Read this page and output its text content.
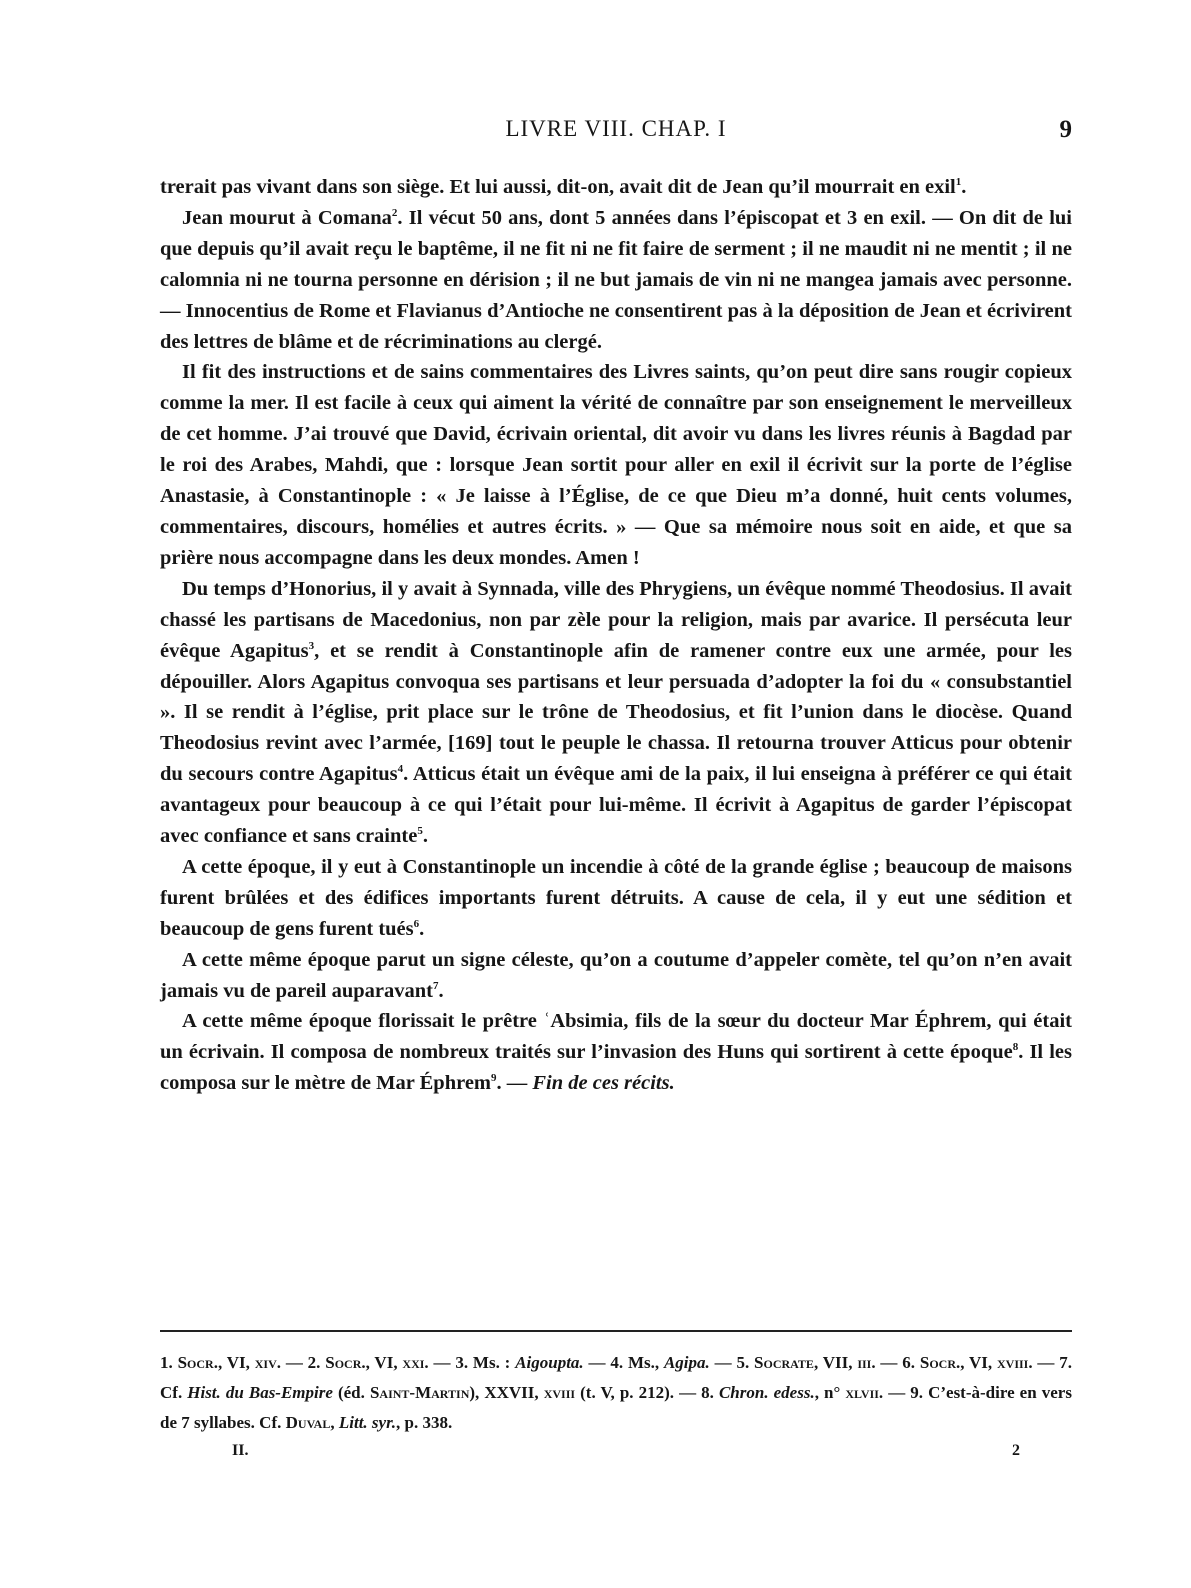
LIVRE VIII. CHAP. I	9

trerait pas vivant dans son siège. Et lui aussi, dit-on, avait dit de Jean qu’il mourrait en exil$^1$.

Jean mourut à Comana$^2$. Il vécut 50 ans, dont 5 années dans l’épiscopat et 3 en exil. — On dit de lui que depuis qu’il avait reçu le baptême, il ne fit ni ne fit faire de serment ; il ne maudit ni ne mentit ; il ne calomnia ni ne tourna personne en dérision ; il ne but jamais de vin ni ne mangea jamais avec personne. — Innocentius de Rome et Flavianus d’Antioche ne consentirent pas à la déposition de Jean et écrivirent des lettres de blâme et de récriminations au clergé.

Il fit des instructions et de sains commentaires des Livres saints, qu’on peut dire sans rougir copieux comme la mer. Il est facile à ceux qui aiment la vérité de connaître par son enseignement le merveilleux de cet homme. J’ai trouvé que David, écrivain oriental, dit avoir vu dans les livres réunis à Bagdad par le roi des Arabes, Mahdi, que : lorsque Jean sortit pour aller en exil il écrivit sur la porte de l’église Anastasie, à Constantinople : « Je laisse à l’Église, de ce que Dieu m’a donné, huit cents volumes, commentaires, discours, homélies et autres écrits. » — Que sa mémoire nous soit en aide, et que sa prière nous accompagne dans les deux mondes. Amen !

Du temps d’Honorius, il y avait à Synnada, ville des Phrygiens, un évêque nommé Theodosius. Il avait chassé les partisans de Macedonius, non par zèle pour la religion, mais par avarice. Il persécuta leur évêque Agapitus$^3$, et se rendit à Constantinople afin de ramener contre eux une armée, pour les dépouiller. Alors Agapitus convoqua ses partisans et leur persuada d’adopter la foi du « consubstantiel ». Il se rendit à l’église, prit place sur le trône de Theodosius, et fit l’union dans le diocèse. Quand Theodosius revint avec l’armée, [169] tout le peuple le chassa. Il retourna trouver Atticus pour obtenir du secours contre Agapitus$^4$. Atticus était un évêque ami de la paix, il lui enseigna à préférer ce qui était avantageux pour beaucoup à ce qui l’était pour lui-même. Il écrivit à Agapitus de garder l’épiscopat avec confiance et sans crainte$^5$.

A cette époque, il y eut à Constantinople un incendie à côté de la grande église ; beaucoup de maisons furent brûlées et des édifices importants furent détruits. A cause de cela, il y eut une sédition et beaucoup de gens furent tués$^6$.

A cette même époque parut un signe céleste, qu’on a coutume d’appeler comète, tel qu’on n’en avait jamais vu de pareil auparavant$^7$.

A cette même époque florissait le prêtre ʿAbsimia, fils de la sœur du docteur Mar Éphrem, qui était un écrivain. Il composa de nombreux traités sur l’invasion des Huns qui sortirent à cette époque$^8$. Il les composa sur le mètre de Mar Éphrem$^9$. — Fin de ces récits.

1. Socr., VI, xiv. — 2. Socr., VI, xxi. — 3. Ms. : Aigoupta. — 4. Ms., Agipa. — 5. Socrate, VII, iii. — 6. Socr., VI, xviii. — 7. Cf. Hist. du Bas-Empire (éd. Saint-Martin), XXVII, xviii (t. V, p. 212). — 8. Chron. edess., n° xlvii. — 9. C’est-à-dire en vers de 7 syllabes. Cf. Duval, Litt. syr., p. 338.
II.	2
